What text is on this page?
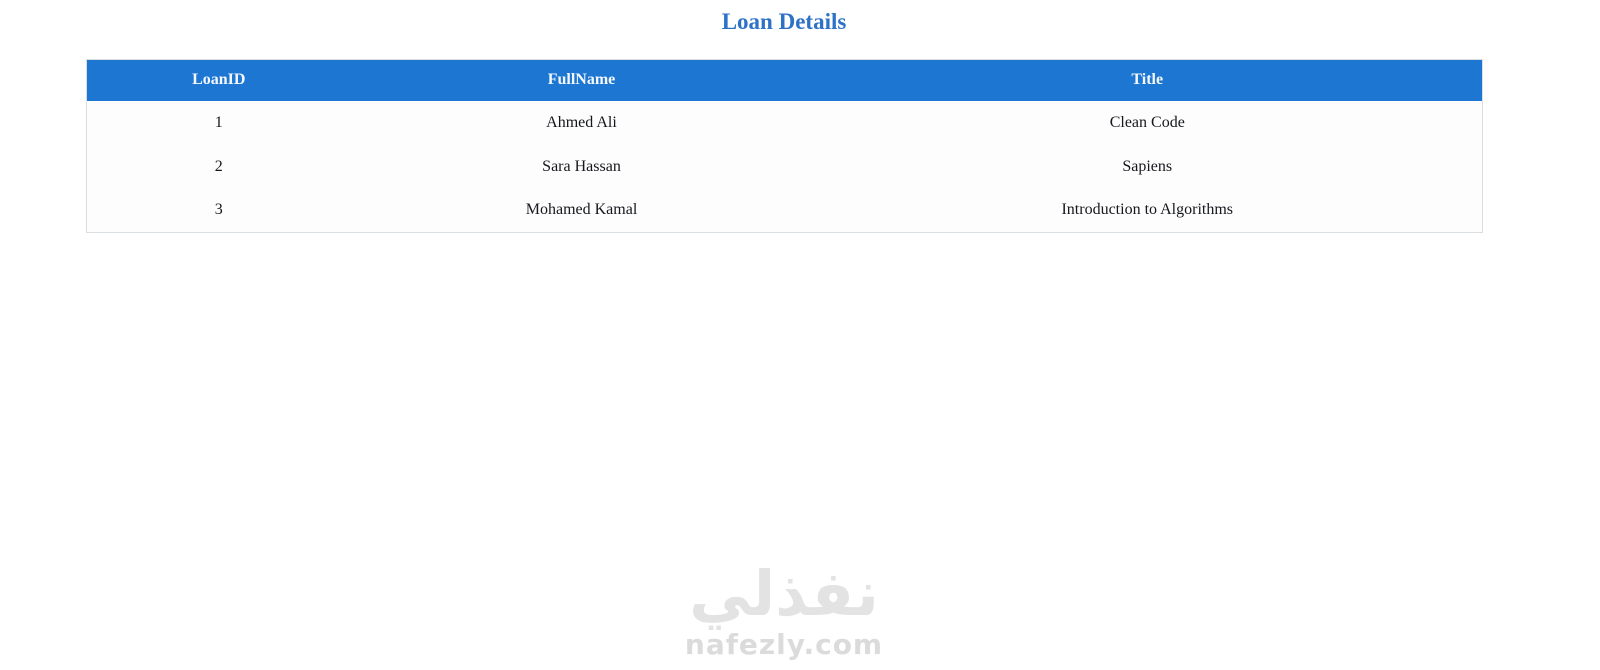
Loan Details
LoanID	FullName	Title
1	Ahmed Ali	Clean Code
2	Sara Hassan	Sapiens
3	Mohamed Kamal	Introduction to Algorithms
نفذلي
nafezly.com
